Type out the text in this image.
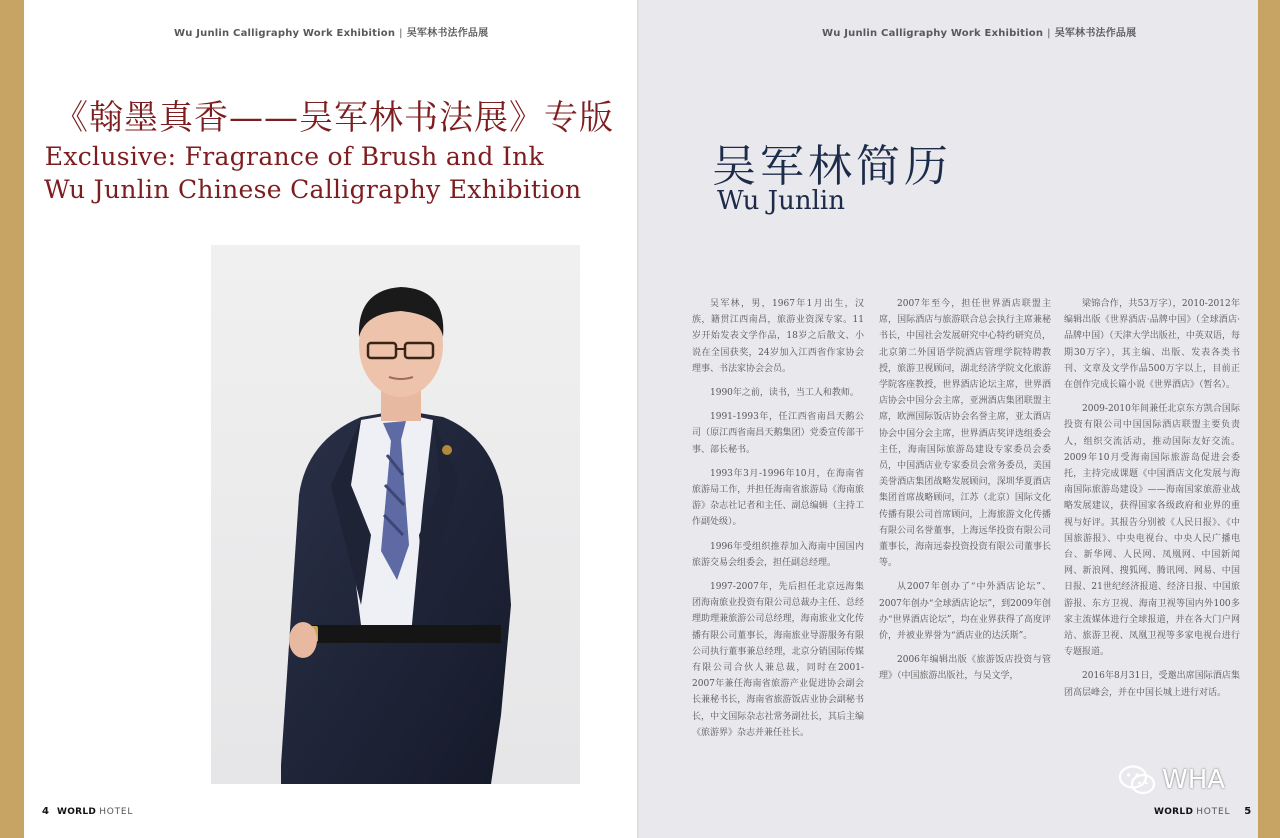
Wu Junlin Calligraphy Work Exhibition | 吴军林书法作品展
《翰墨真香——吴军林书法展》专版
Exclusive: Fragrance of Brush and Ink
Wu Junlin Chinese Calligraphy Exhibition
4 WORLD HOTEL
Wu Junlin Calligraphy Work Exhibition | 吴军林书法作品展
吴军林简历
Wu Junlin

吴军林，男，1967年1月出生，汉族，籍贯江西南昌，旅游业资深专家。11岁开始发表文学作品，18岁之后散文、小说在全国获奖，24岁加入江西省作家协会理事、书法家协会会员。

1990年之前，读书，当工人和教师。

1991-1993年，任江西省南昌天鹅公司（原江西省南昌天鹅集团）党委宣传部干事、部长秘书。

1993年3月-1996年10月，在海南省旅游局工作，并担任海南省旅游局《海南旅游》杂志社记者和主任、副总编辑（主持工作副处级）。

1996年受组织推荐加入海南中国国内旅游交易会组委会，担任副总经理。

1997-2007年，先后担任北京远海集团海南旅业投资有限公司总裁办主任、总经理助理兼旅游公司总经理，海南旅业文化传播有限公司董事长，海南旅业导游服务有限公司执行董事兼总经理，北京分销国际传媒有限公司合伙人兼总裁，同时在2001-2007年兼任海南省旅游产业促进协会副会长兼秘书长，海南省旅游饭店业协会副秘书长，中文国际杂志社常务副社长，其后主编《旅游界》杂志并兼任社长。

2007年至今，担任世界酒店联盟主席，国际酒店与旅游联合总会执行主席兼秘书长，中国社会发展研究中心特约研究员，北京第二外国语学院酒店管理学院特聘教授，旅游卫视顾问，湖北经济学院文化旅游学院客座教授，世界酒店论坛主席，世界酒店协会中国分会主席，亚洲酒店集团联盟主席，欧洲国际饭店协会名誉主席，亚太酒店协会中国分会主席，世界酒店奖评选组委会主任，海南国际旅游岛建设专家委员会委员，中国酒店业专家委员会常务委员，美国美誉酒店集团战略发展顾问，深圳华夏酒店集团首席战略顾问，江苏（北京）国际文化传播有限公司首席顾问，上海旅游文化传播有限公司名誉董事，上海远华投资有限公司董事长，海南远泰投资投资有限公司董事长等。

从2007年创办了“中外酒店论坛”、2007年创办“全球酒店论坛”，到2009年创办“世界酒店论坛”，均在业界获得了高度评价，并被业界誉为“酒店业的达沃斯”。

2006年编辑出版《旅游饭店投资与管理》（中国旅游出版社，与吴文学，

梁锦合作，共53万字），2010-2012年编辑出版《世界酒店·品牌中国》（全球酒店·品牌中国）（天津大学出版社，中英双语，每期30万字），其主编、出版、发表各类书刊、文章及文学作品500万字以上，目前正在创作完成长篇小说《世界酒店》（暂名）。

2009-2010年间兼任北京东方凯合国际投资有限公司中国国际酒店联盟主要负责人，组织交流活动，推动国际友好交流。2009年10月受海南国际旅游岛促进会委托，主持完成课题《中国酒店文化发展与海南国际旅游岛建设》——海南国家旅游业战略发展建议，获得国家各级政府和业界的重视与好评。其报告分别被《人民日报》、《中国旅游报》、中央电视台、中央人民广播电台、新华网、人民网、凤凰网、中国新闻网、新浪网、搜狐网、腾讯网、网易、中国日报、21世纪经济报道、经济日报、中国旅游报、东方卫视、海南卫视等国内外100多家主流媒体进行全球报道，并在各大门户网站、旅游卫视、凤凰卫视等多家电视台进行专题报道。

2016年8月31日，受邀出席国际酒店集团高层峰会，并在中国长城上进行对话。

WHA
WORLD HOTEL 5
